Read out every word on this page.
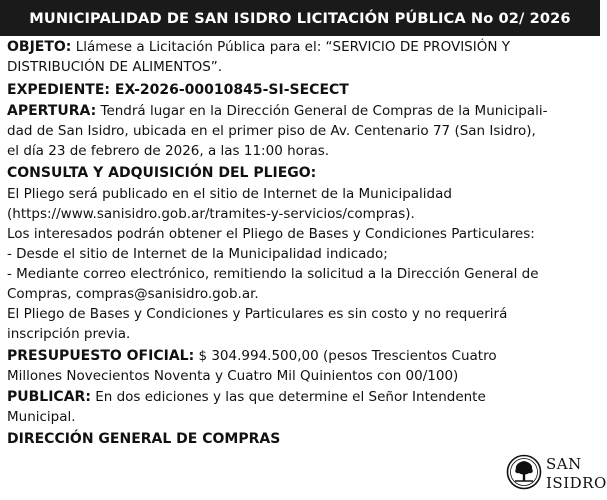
MUNICIPALIDAD DE SAN ISIDRO LICITACIÓN PÚBLICA No 02/ 2026
OBJETO: Llámese a Licitación Pública para el: “SERVICIO DE PROVISIÓN Y
DISTRIBUCIÓN DE ALIMENTOS”.
EXPEDIENTE: EX-2026-00010845-SI-SECECT
APERTURA: Tendrá lugar en la Dirección General de Compras de la Municipali-
dad de San Isidro, ubicada en el primer piso de Av. Centenario 77 (San Isidro),
el día 23 de febrero de 2026, a las 11:00 horas.
CONSULTA Y ADQUISICIÓN DEL PLIEGO:
El Pliego será publicado en el sitio de Internet de la Municipalidad
(https://www.sanisidro.gob.ar/tramites-y-servicios/compras).
Los interesados podrán obtener el Pliego de Bases y Condiciones Particulares:
- Desde el sitio de Internet de la Municipalidad indicado;
- Mediante correo electrónico, remitiendo la solicitud a la Dirección General de
Compras, compras@sanisidro.gob.ar.
El Pliego de Bases y Condiciones y Particulares es sin costo y no requerirá
inscripción previa.
PRESUPUESTO OFICIAL: $ 304.994.500,00 (pesos Trescientos Cuatro
Millones Novecientos Noventa y Cuatro Mil Quinientos con 00/100)
PUBLICAR: En dos ediciones y las que determine el Señor Intendente
Municipal.
DIRECCIÓN GENERAL DE COMPRAS
SAN
ISIDRO
